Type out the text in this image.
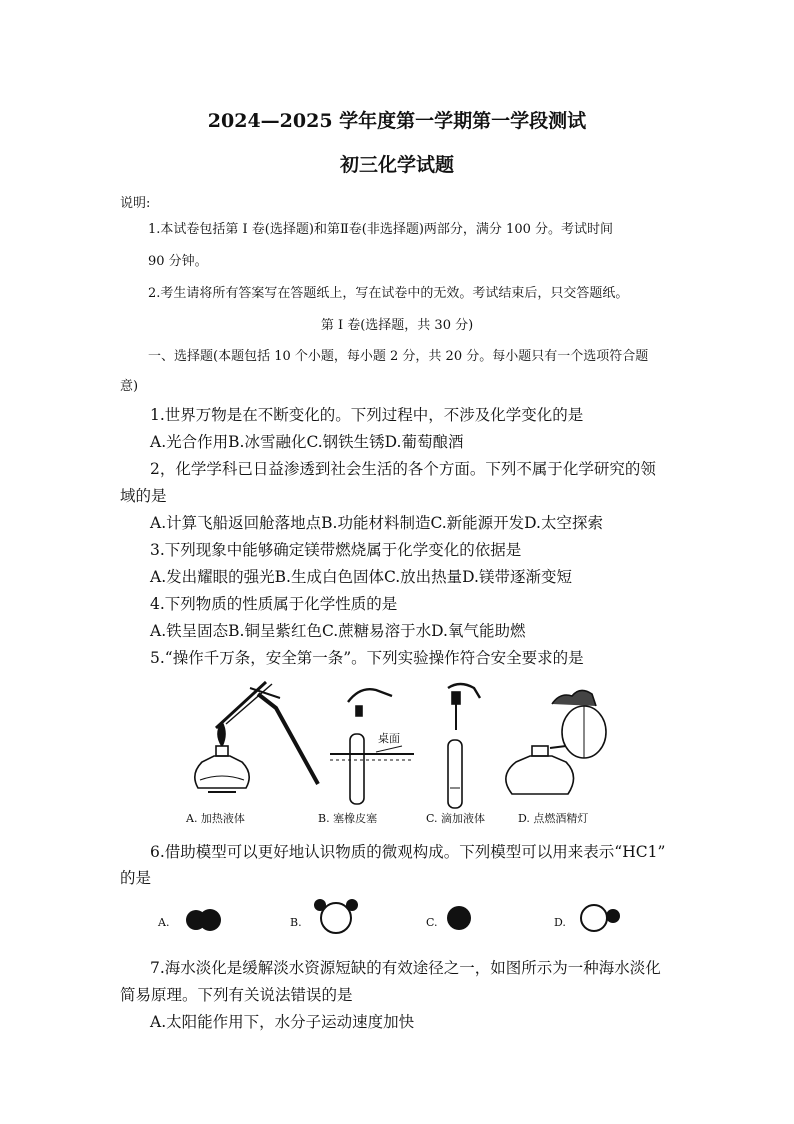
2024—2025 学年度第一学期第一学段测试
初三化学试题
说明:
1.本试卷包括第 I 卷(选择题)和第Ⅱ卷(非选择题)两部分，满分 100 分。考试时间
90 分钟。
2.考生请将所有答案写在答题纸上，写在试卷中的无效。考试结束后，只交答题纸。
第 I 卷(选择题，共 30 分)
一、选择题(本题包括 10 个小题，每小题 2 分，共 20 分。每小题只有一个选项符合题
意)
1.世界万物是在不断变化的。下列过程中，不涉及化学变化的是
A.光合作用B.冰雪融化C.钢铁生锈D.葡萄酿酒
2，化学学科已日益渗透到社会生活的各个方面。下列不属于化学研究的领
域的是
A.计算飞船返回舱落地点B.功能材料制造C.新能源开发D.太空探索
3.下列现象中能够确定镁带燃烧属于化学变化的依据是
A.发出耀眼的强光B.生成白色固体C.放出热量D.镁带逐渐变短
4.下列物质的性质属于化学性质的是
A.铁呈固态B.铜呈紫红色C.蔗糖易溶于水D.氧气能助燃
5.“操作千万条，安全第一条”。下列实验操作符合安全要求的是
桌面
A. 加热液体	B. 塞橡皮塞	C. 滴加液体	D. 点燃酒精灯
6.借助模型可以更好地认识物质的微观构成。下列模型可以用来表示“HC1”
的是
A.	B.	C.	D.
7.海水淡化是缓解淡水资源短缺的有效途径之一，如图所示为一种海水淡化
简易原理。下列有关说法错误的是
A.太阳能作用下，水分子运动速度加快
